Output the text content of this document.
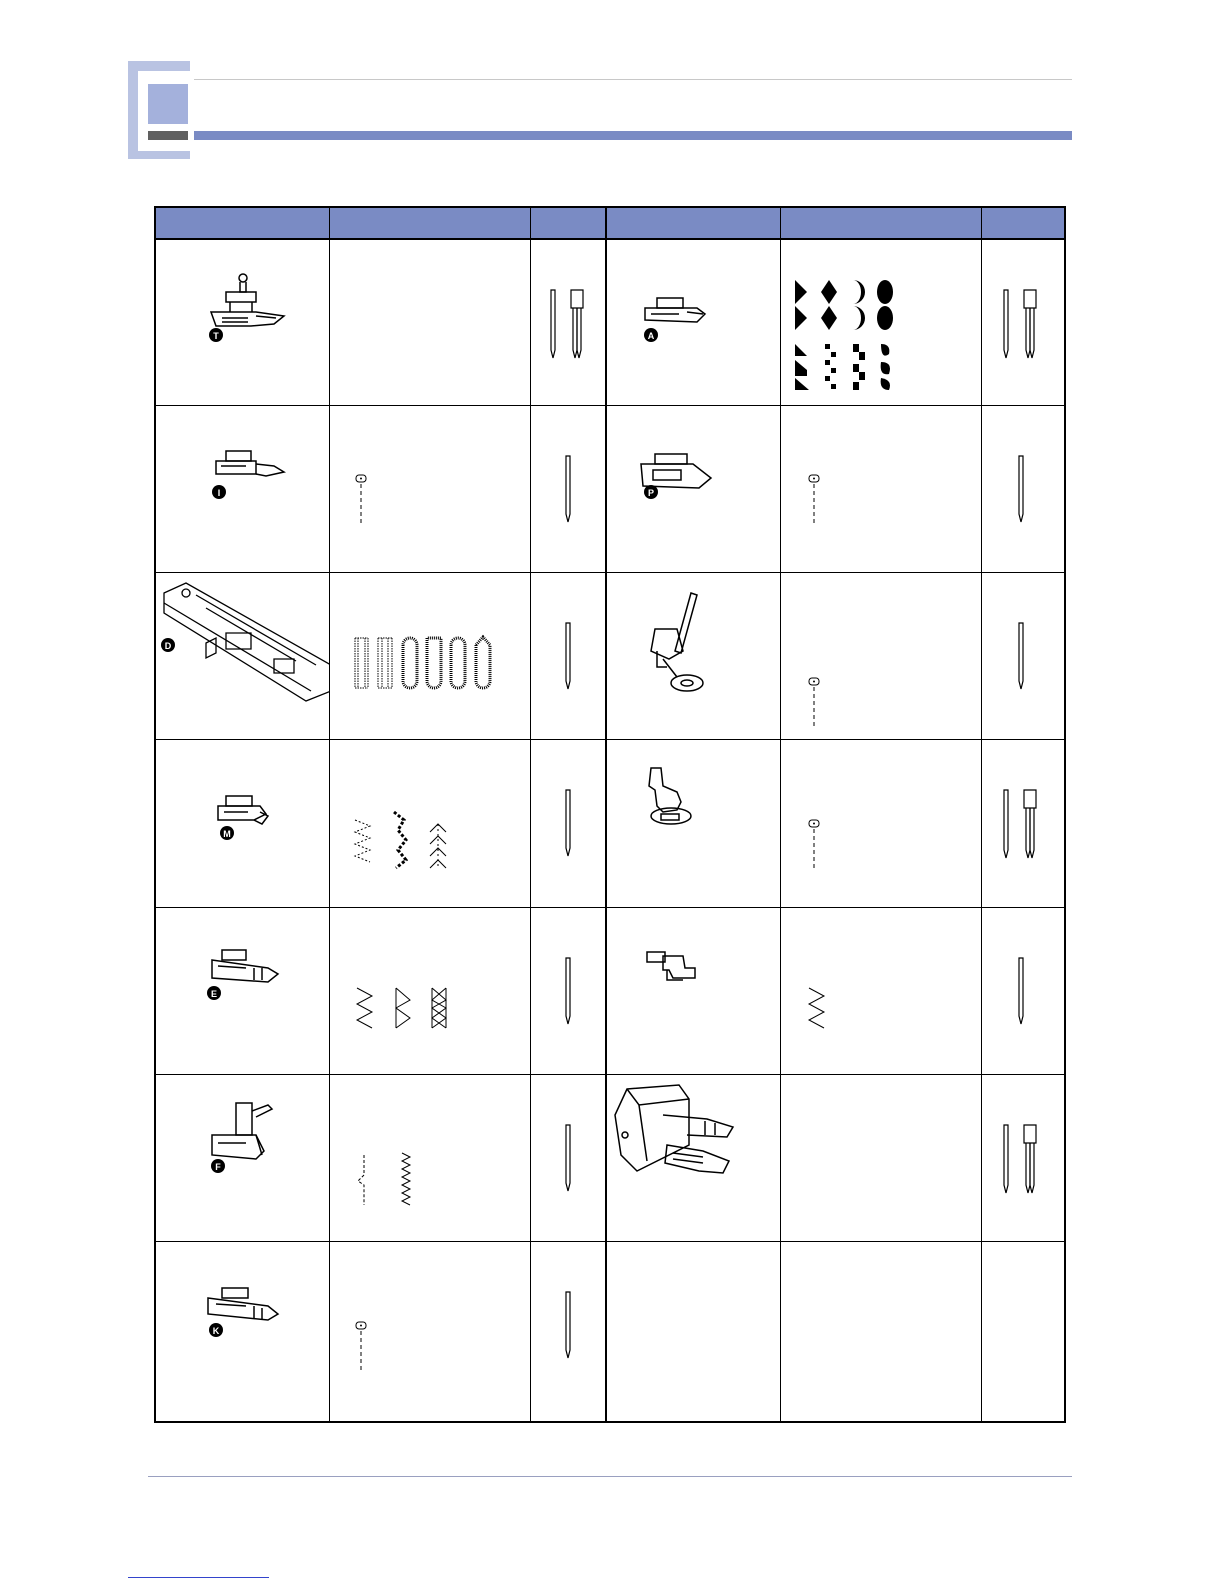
T
I
D
M
E
F
K
A
P
